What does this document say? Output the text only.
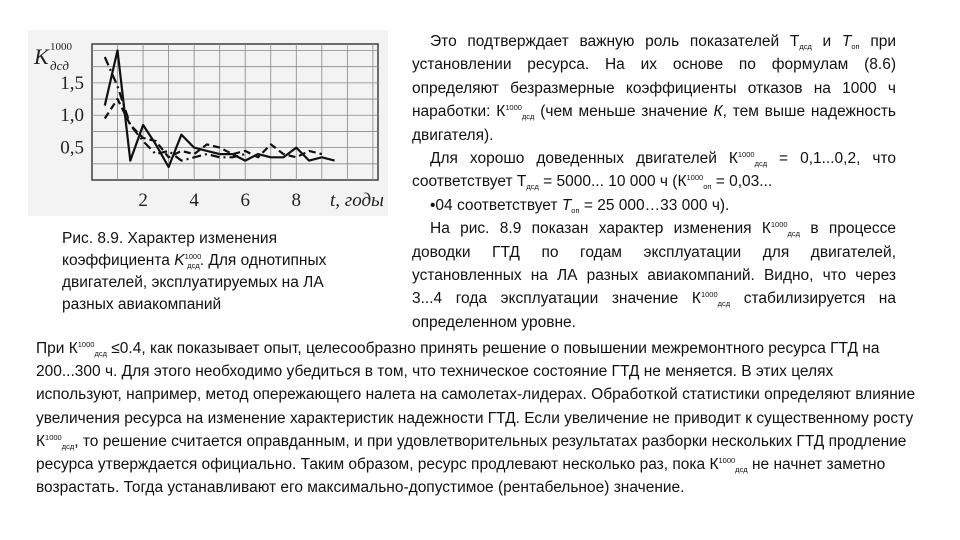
0,5
1,0
1,5
2 4 6 8 t, годы
K 1000
дсд
Рис. 8.9. Характер изменения
коэффициента $K^{1000}дсд$. Для однотипных
двигателей, эксплуатируемых на ЛА
разных авиакомпаний

Это подтверждает важную роль показателей $Т_{дсд}$ и $Т_{оп}$ при установлении ресурса. На их основе по формулам (8.6) определяют безразмерные коэффициенты отказов на 1000 ч наработки: $К^{1000}_{дсд}$ (чем меньше значение К, тем выше надежность двигателя).

Для хорошо доведенных двигателей $К^{1000}_{дсд} = 0,1...0,2$, что соответствует $Т_{дсд} = 5000$... 10 000 ч ($К^{1000}_{оп} = 0,03$...

•04 соответствует $Т_{оп} = 25$ 000…33 000 ч).

На рис. 8.9 показан характер изменения $К^{1000}_{дсд}$ в процессе доводки ГТД по годам эксплуатации для двигателей, установленных на ЛА разных авиакомпаний. Видно, что через 3...4 года эксплуатации значение $К^{1000}_{дсд}$ стабилизируется на определенном уровне.

При $К^{1000}_{дсд} \le 0.4$, как показывает опыт, целесообразно принять решение о повышении межремонтного ресурса ГТД на 200...300 ч. Для этого необходимо убедиться в том, что техническое состояние ГТД не меняется. В этих целях используют, например, метод опережающего налета на самолетах-лидерах. Обработкой статистики определяют влияние увеличения ресурса на изменение характеристик надежности ГТД. Если увеличение не приводит к существенному росту $К^{1000}_{дсд}$, то решение считается оправданным, и при удовлетворительных результатах разборки нескольких ГТД продление ресурса утверждается официально. Таким образом, ресурс продлевают несколько раз, пока $К^{1000}_{дсд}$ не начнет заметно возрастать. Тогда устанавливают его максимально-допустимое (рентабельное) значение.
